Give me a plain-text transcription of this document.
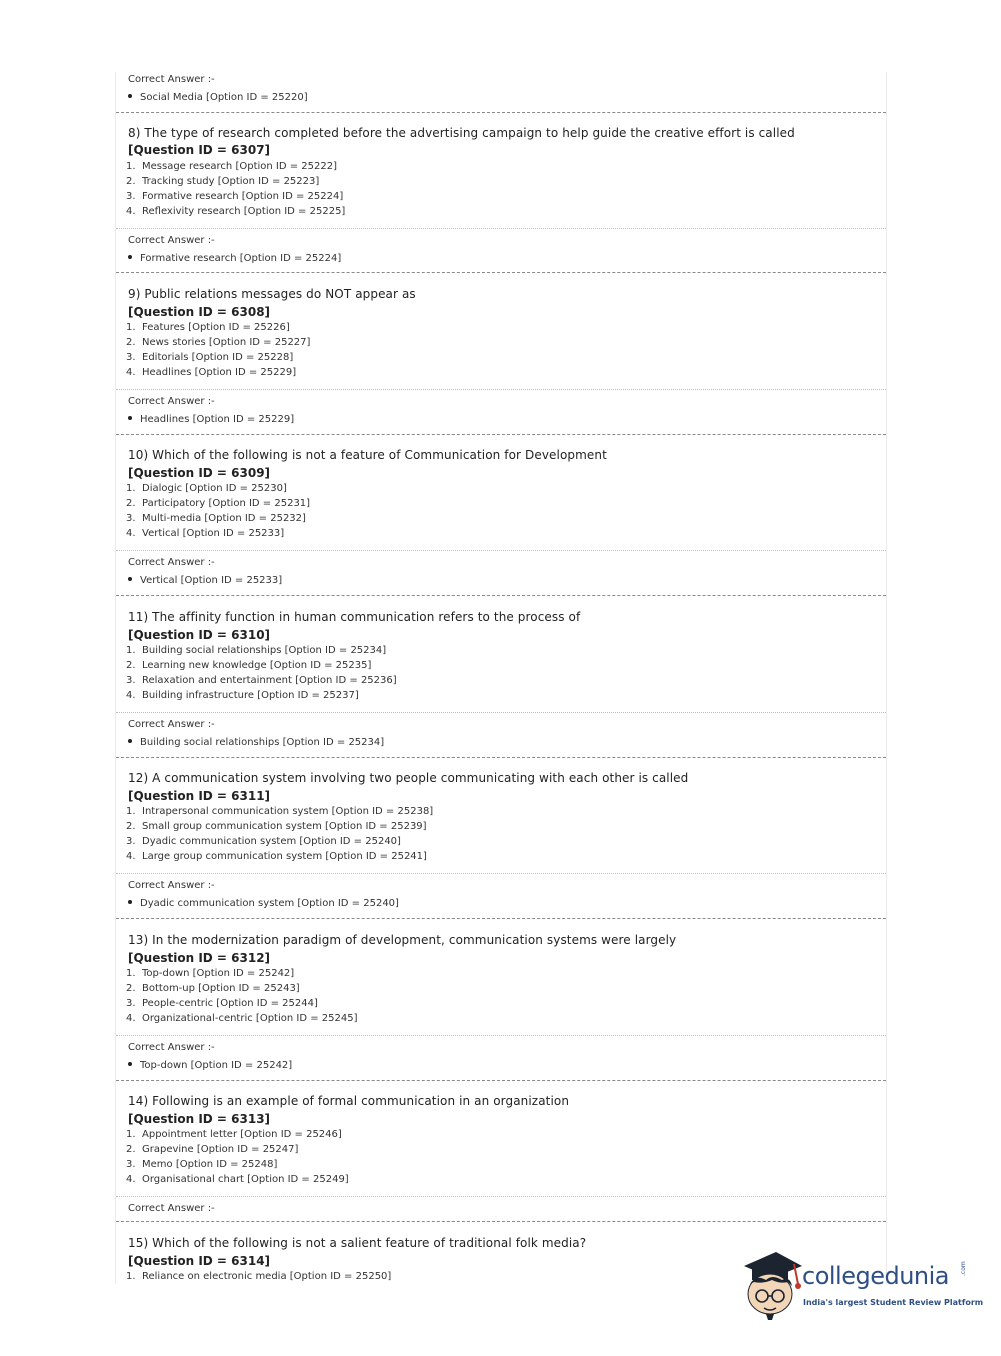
Correct Answer :-
Social Media [Option ID = 25220]
8) The type of research completed before the advertising campaign to help guide the creative effort is called
[Question ID = 6307]
1. Message research [Option ID = 25222]
2. Tracking study [Option ID = 25223]
3. Formative research [Option ID = 25224]
4. Reflexivity research [Option ID = 25225]
Correct Answer :-
Formative research [Option ID = 25224]
9) Public relations messages do NOT appear as
[Question ID = 6308]
1. Features [Option ID = 25226]
2. News stories [Option ID = 25227]
3. Editorials [Option ID = 25228]
4. Headlines [Option ID = 25229]
Correct Answer :-
Headlines [Option ID = 25229]
10) Which of the following is not a feature of Communication for Development
[Question ID = 6309]
1. Dialogic [Option ID = 25230]
2. Participatory [Option ID = 25231]
3. Multi-media [Option ID = 25232]
4. Vertical [Option ID = 25233]
Correct Answer :-
Vertical [Option ID = 25233]
11) The affinity function in human communication refers to the process of
[Question ID = 6310]
1. Building social relationships [Option ID = 25234]
2. Learning new knowledge [Option ID = 25235]
3. Relaxation and entertainment [Option ID = 25236]
4. Building infrastructure [Option ID = 25237]
Correct Answer :-
Building social relationships [Option ID = 25234]
12) A communication system involving two people communicating with each other is called
[Question ID = 6311]
1. Intrapersonal communication system [Option ID = 25238]
2. Small group communication system [Option ID = 25239]
3. Dyadic communication system [Option ID = 25240]
4. Large group communication system [Option ID = 25241]
Correct Answer :-
Dyadic communication system [Option ID = 25240]
13) In the modernization paradigm of development, communication systems were largely
[Question ID = 6312]
1. Top-down [Option ID = 25242]
2. Bottom-up [Option ID = 25243]
3. People-centric [Option ID = 25244]
4. Organizational-centric [Option ID = 25245]
Correct Answer :-
Top-down [Option ID = 25242]
14) Following is an example of formal communication in an organization
[Question ID = 6313]
1. Appointment letter [Option ID = 25246]
2. Grapevine [Option ID = 25247]
3. Memo [Option ID = 25248]
4. Organisational chart [Option ID = 25249]
Correct Answer :-
15) Which of the following is not a salient feature of traditional folk media?
[Question ID = 6314]
1. Reliance on electronic media [Option ID = 25250]	collegedunia .com
India's largest Student Review Platform
